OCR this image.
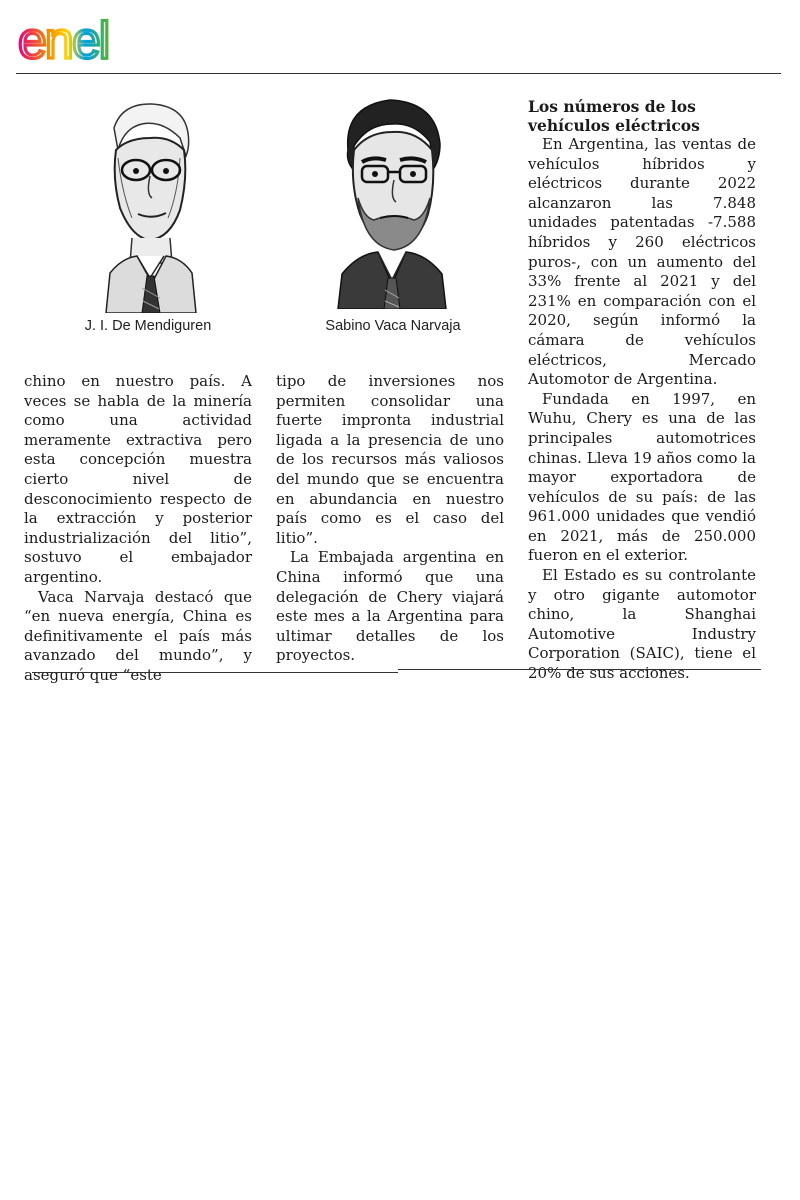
enel
J. I. De Mendiguren	Sabino Vaca Narvaja

chino en nuestro país. A veces se habla de la minería como una actividad meramente extractiva pero esta concepción muestra cierto nivel de desconocimiento respecto de la extracción y posterior industrialización del litio”, sostuvo el embajador argentino.

Vaca Narvaja destacó que “en nueva energía, China es definitivamente el país más avanzado del mundo”, y aseguró que “este

tipo de inversiones nos permiten consolidar una fuerte impronta industrial ligada a la presencia de uno de los recursos más valiosos del mundo que se encuentra en abundancia en nuestro país como es el caso del litio”.

La Embajada argentina en China informó que una delegación de Chery viajará este mes a la Argentina para ultimar detalles de los proyectos.

Los números de los vehículos eléctricos

En Argentina, las ventas de vehículos híbridos y eléctricos durante 2022 alcanzaron las 7.848 unidades patentadas -7.588 híbridos y 260 eléctricos puros-, con un aumento del 33% frente al 2021 y del 231% en comparación con el 2020, según informó la cámara de vehículos eléctricos, Mercado Automotor de Argentina.

Fundada en 1997, en Wuhu, Chery es una de las principales automotrices chinas. Lleva 19 años como la mayor exportadora de vehículos de su país: de las 961.000 unidades que vendió en 2021, más de 250.000 fueron en el exterior.

El Estado es su controlante y otro gigante automotor chino, la Shanghai Automotive Industry Corporation (SAIC), tiene el 20% de sus acciones.
